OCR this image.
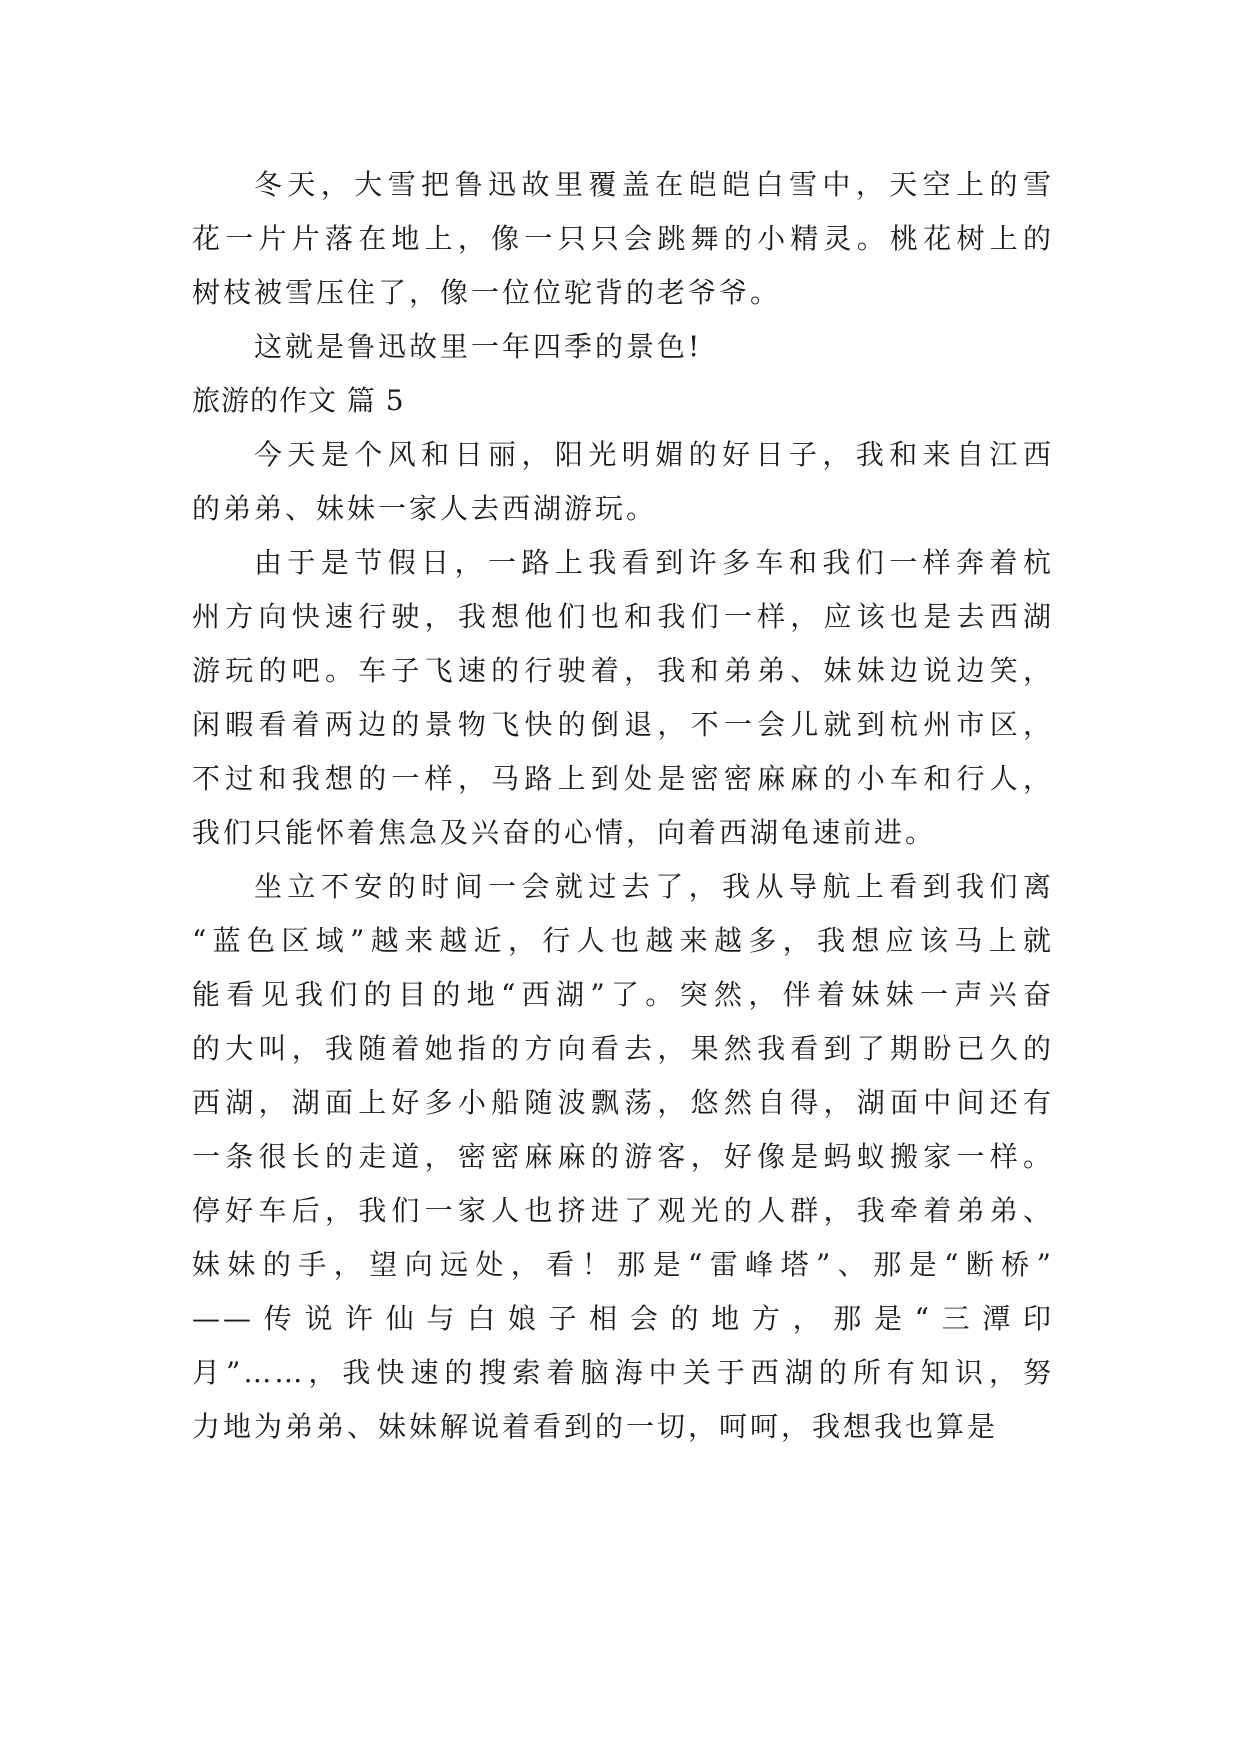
冬天，大雪把鲁迅故里覆盖在皑皑白雪中，天空上的雪
花一片片落在地上，像一只只会跳舞的小精灵。桃花树上的
树枝被雪压住了，像一位位驼背的老爷爷。

这就是鲁迅故里一年四季的景色!

旅游的作文 篇 5

今天是个风和日丽，阳光明媚的好日子，我和来自江西
的弟弟、妹妹一家人去西湖游玩。

由于是节假日，一路上我看到许多车和我们一样奔着杭
州方向快速行驶，我想他们也和我们一样，应该也是去西湖
游玩的吧。车子飞速的行驶着，我和弟弟、妹妹边说边笑，
闲暇看着两边的景物飞快的倒退，不一会儿就到杭州市区，
不过和我想的一样，马路上到处是密密麻麻的小车和行人，
我们只能怀着焦急及兴奋的心情，向着西湖龟速前进。

坐立不安的时间一会就过去了，我从导航上看到我们离
“蓝色区域”越来越近，行人也越来越多，我想应该马上就
能看见我们的目的地“西湖”了。突然，伴着妹妹一声兴奋
的大叫，我随着她指的方向看去，果然我看到了期盼已久的
西湖，湖面上好多小船随波飘荡，悠然自得，湖面中间还有
一条很长的走道，密密麻麻的游客，好像是蚂蚁搬家一样。
停好车后，我们一家人也挤进了观光的人群，我牵着弟弟、
妹妹的手，望向远处，看！那是“雷峰塔”、那是“断桥”
——传说许仙与白娘子相会的地方，那是“三潭印
月”……，我快速的搜索着脑海中关于西湖的所有知识，努
力地为弟弟、妹妹解说着看到的一切，呵呵，我想我也算是
